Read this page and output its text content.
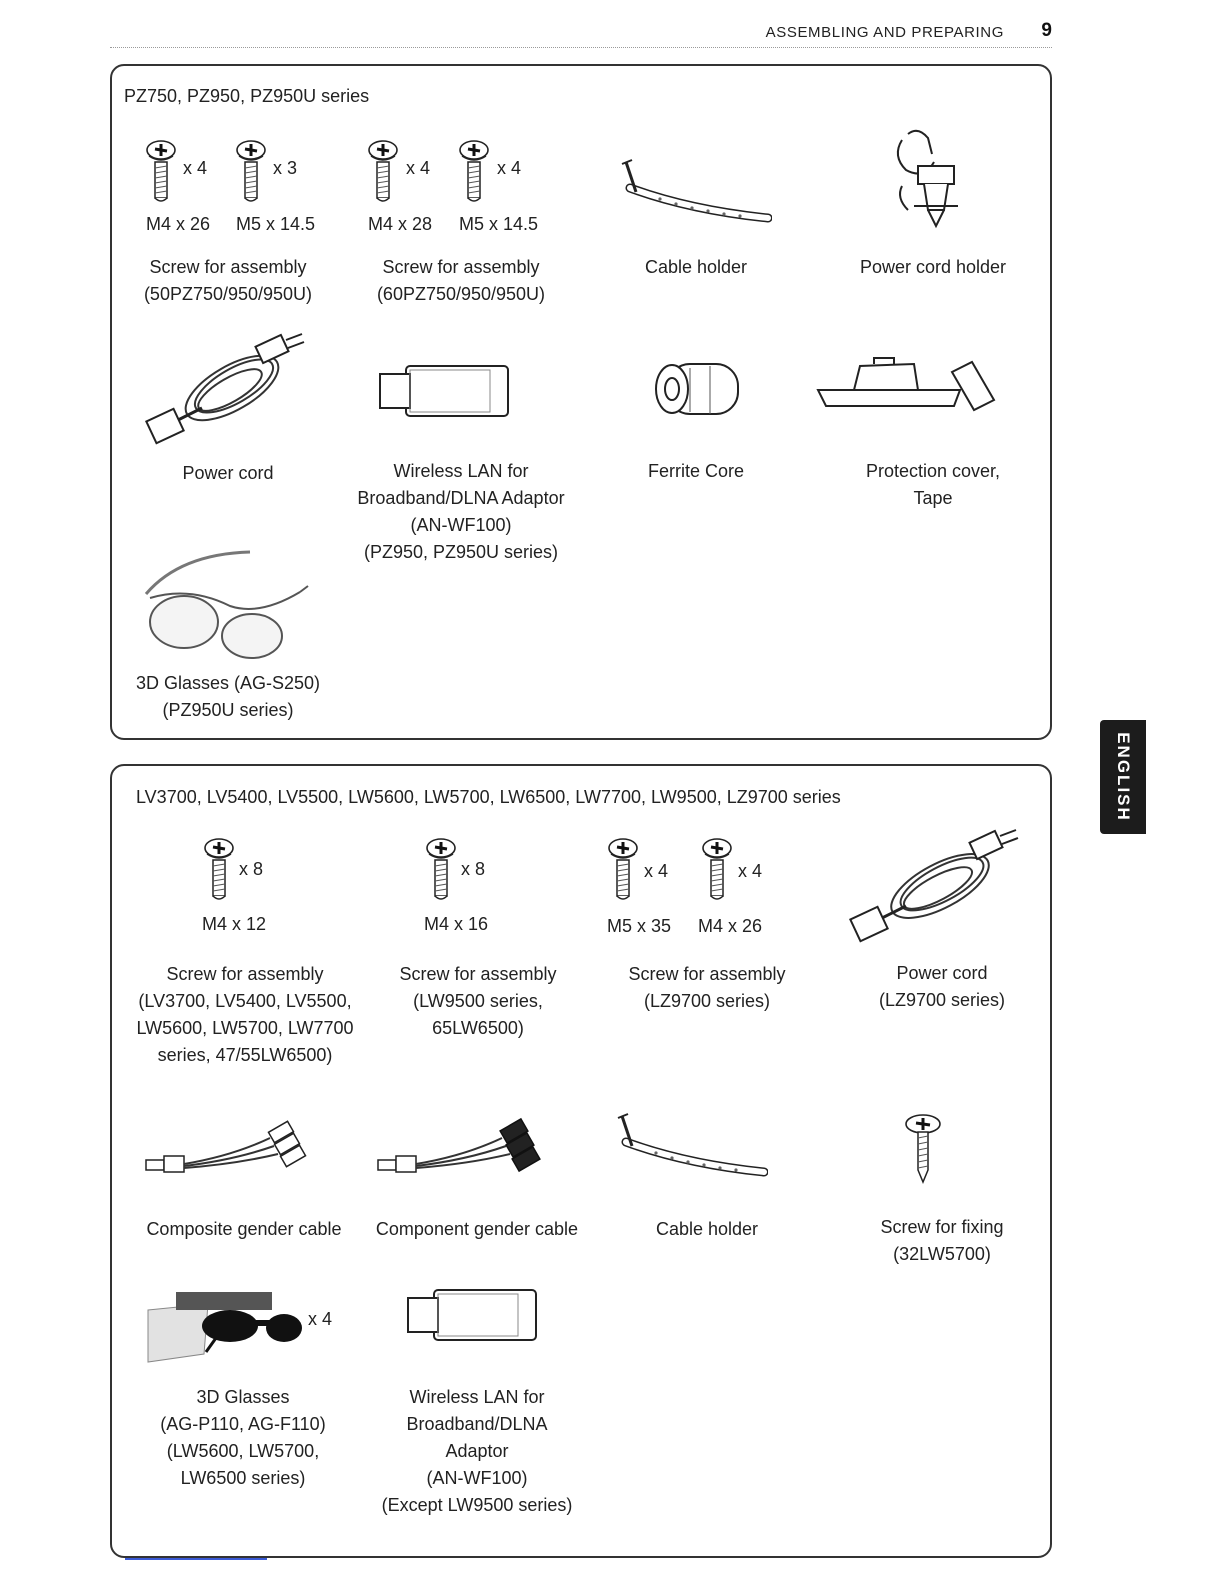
ASSEMBLING AND PREPARING 9
ENGLISH
PZ750, PZ950, PZ950U series
x 4	x 3
M4 x 26 M5 x 14.5
Screw for assembly
(50PZ750/950/950U)
x 4	x 4
M4 x 28 M5 x 14.5
Screw for assembly
(60PZ750/950/950U)
Cable holder	Power cord holder
Power cord	Wireless LAN for
Broadband/DLNA Adaptor
(AN-WF100)
(PZ950, PZ950U series)
Ferrite Core	Protection cover,
Tape
3D Glasses (AG-S250)
(PZ950U series)
LV3700, LV5400, LV5500, LW5600, LW5700, LW6500, LW7700, LW9500, LZ9700 series
x 8
M4 x 12
Screw for assembly
(LV3700, LV5400, LV5500,
LW5600, LW5700, LW7700
series, 47/55LW6500)
x 8
M4 x 16
Screw for assembly
(LW9500 series,
65LW6500)
x 4	x 4
M5 x 35 M4 x 26
Screw for assembly
(LZ9700 series)
Power cord
(LZ9700 series)
Composite gender cable	Component gender cable	Cable holder	Screw for fixing
(32LW5700)
x 4
3D Glasses
(AG-P110, AG-F110)
(LW5600, LW5700,
LW6500 series)
Wireless LAN for
Broadband/DLNA
Adaptor
(AN-WF100)
(Except LW9500 series)
